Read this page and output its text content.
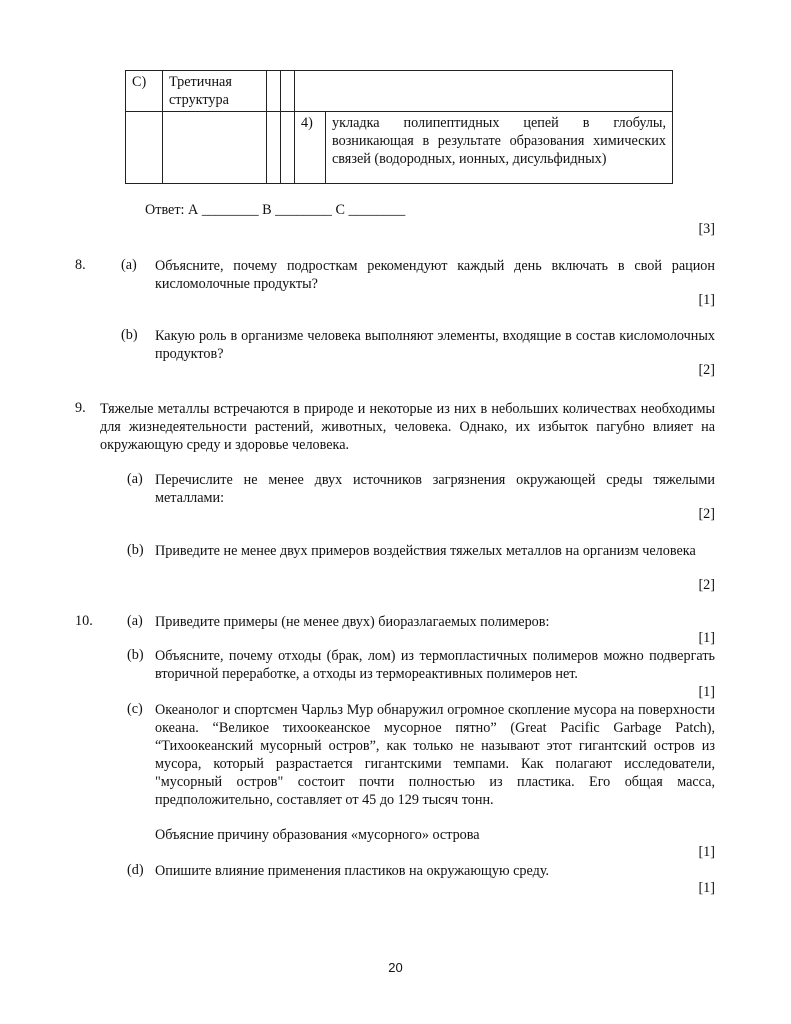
C)	Третичная структура				
				4)	укладка полипептидных цепей в глобулы, возникающая в результате образования химических связей (водородных, ионных, дисульфидных)
Ответ: А ________ В ________ С ________
[3]
8. (a) Объясните, почему подросткам рекомендуют каждый день включать в свой рацион кисломолочные продукты?
[1]
(b) Какую роль в организме человека выполняют элементы, входящие в состав кисломолочных продуктов?
[2]
9. Тяжелые металлы встречаются в природе и некоторые из них в небольших количествах необходимы для жизнедеятельности растений, животных, человека. Однако, их избыток пагубно влияет на окружающую среду и здоровье человека.
(a) Перечислите не менее двух источников загрязнения окружающей среды тяжелыми металлами:
[2]
(b) Приведите не менее двух примеров воздействия тяжелых металлов на организм человека
[2]
10. (a) Приведите примеры (не менее двух) биоразлагаемых полимеров:
[1]
(b) Объясните, почему отходы (брак, лом) из термопластичных полимеров можно подвергать вторичной переработке, а отходы из термореактивных полимеров нет.
[1]
(c) Океанолог и спортсмен Чарльз Мур обнаружил огромное скопление мусора на поверхности океана. “Великое тихоокеанское мусорное пятно” (Great Pacific Garbage Patch), “Тихоокеанский мусорный остров”, как только не называют этот гигантский остров из мусора, который разрастается гигантскими темпами. Как полагают исследователи, "мусорный остров" состоит почти полностью из пластика. Его общая масса, предположительно, составляет от 45 до 129 тысяч тонн.
Объясние причину образования «мусорного» острова
[1]
(d) Опишите влияние применения пластиков на окружающую среду.
[1]
20
